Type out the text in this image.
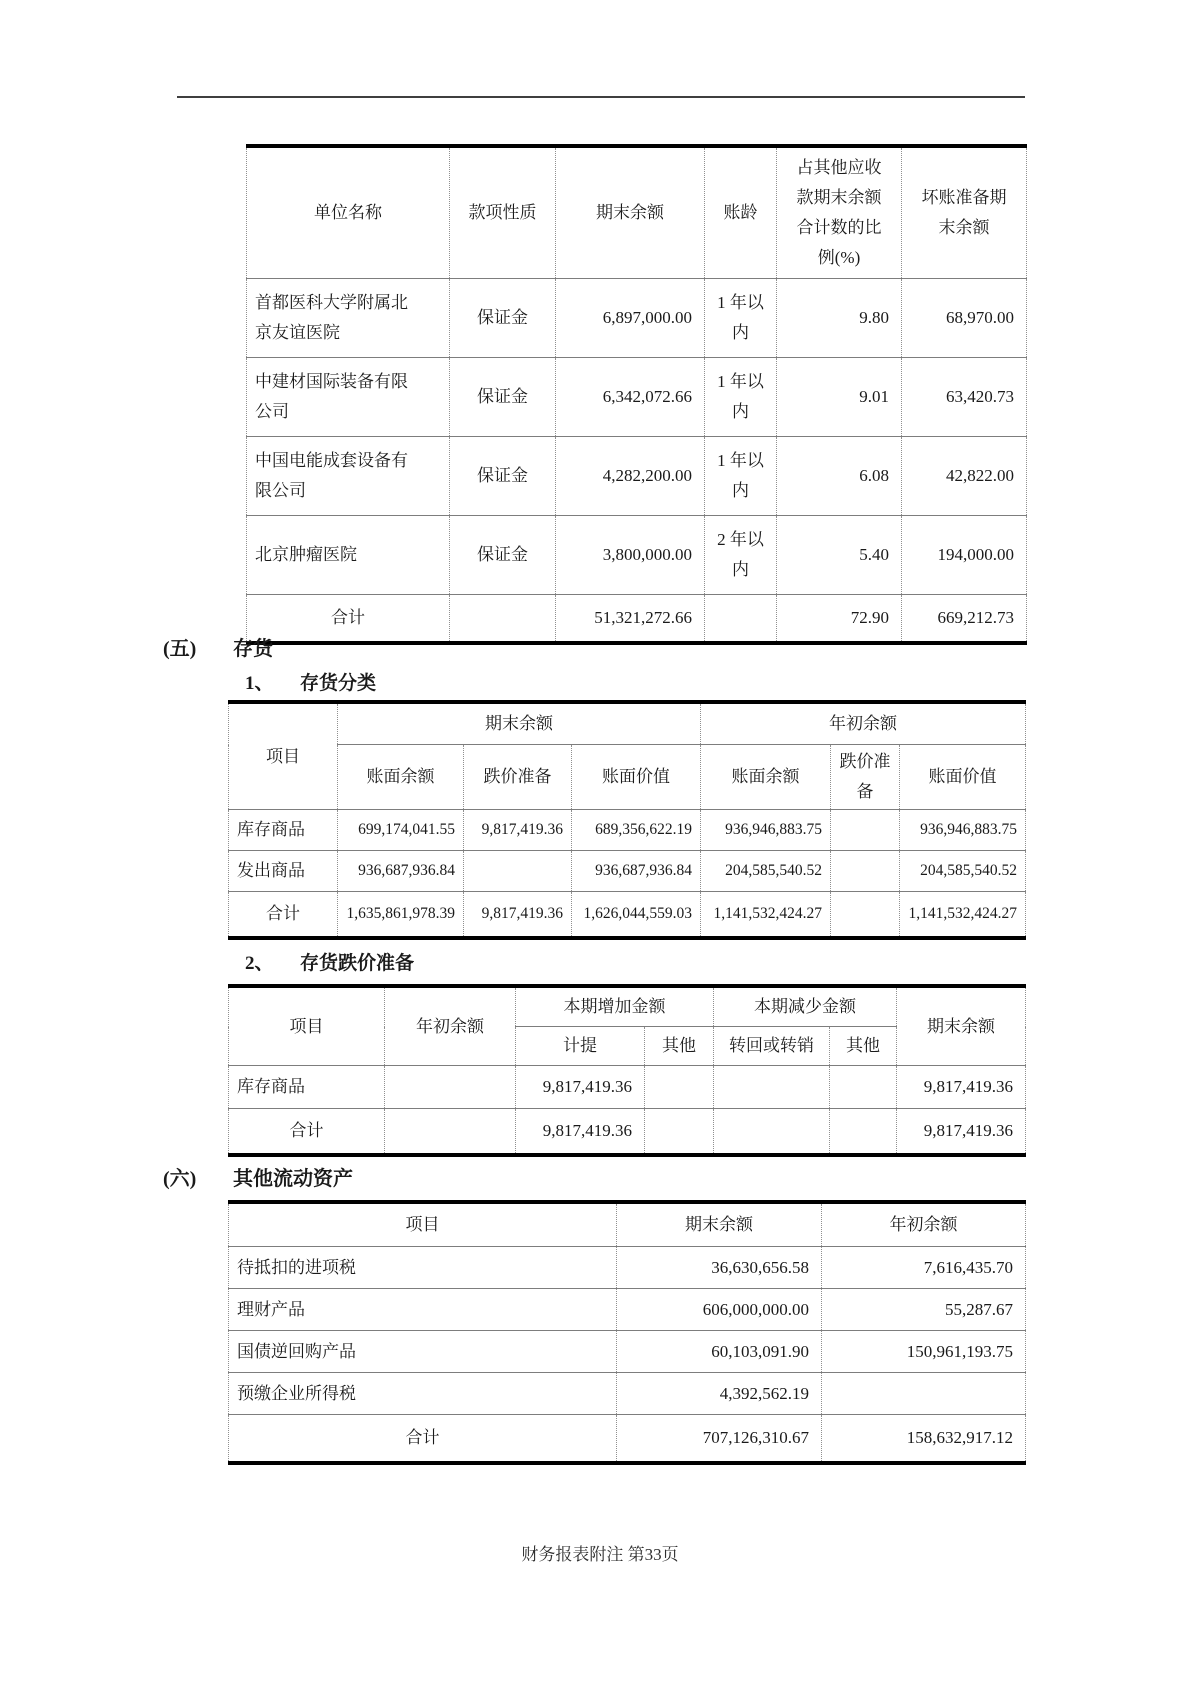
单位名称	款项性质	期末余额	账龄	占其他应收款期末余额合计数的比例(%)	坏账准备期末余额
首都医科大学附属北京友谊医院	保证金	6,897,000.00	1 年以内	9.80	68,970.00
中建材国际装备有限公司	保证金	6,342,072.66	1 年以内	9.01	63,420.73
中国电能成套设备有限公司	保证金	4,282,200.00	1 年以内	6.08	42,822.00
北京肿瘤医院	保证金	3,800,000.00	2 年以内	5.40	194,000.00
合计		51,321,272.66		72.90	669,212.73
(五) 存货
1、 存货分类
项目	期末余额			年初余额		
	账面余额	跌价准备	账面价值	账面余额	跌价准备	账面价值
库存商品	699,174,041.55	9,817,419.36	689,356,622.19	936,946,883.75		936,946,883.75
发出商品	936,687,936.84		936,687,936.84	204,585,540.52		204,585,540.52
合计	1,635,861,978.39	9,817,419.36	1,626,044,559.03	1,141,532,424.27		1,141,532,424.27
2、 存货跌价准备
项目	年初余额	本期增加金额		本期减少金额		期末余额
		计提	其他	转回或转销	其他	
库存商品		9,817,419.36				9,817,419.36
合计		9,817,419.36				9,817,419.36
(六) 其他流动资产
项目	期末余额	年初余额
待抵扣的进项税	36,630,656.58	7,616,435.70
理财产品	606,000,000.00	55,287.67
国债逆回购产品	60,103,091.90	150,961,193.75
预缴企业所得税	4,392,562.19	
合计	707,126,310.67	158,632,917.12
财务报表附注 第33页
